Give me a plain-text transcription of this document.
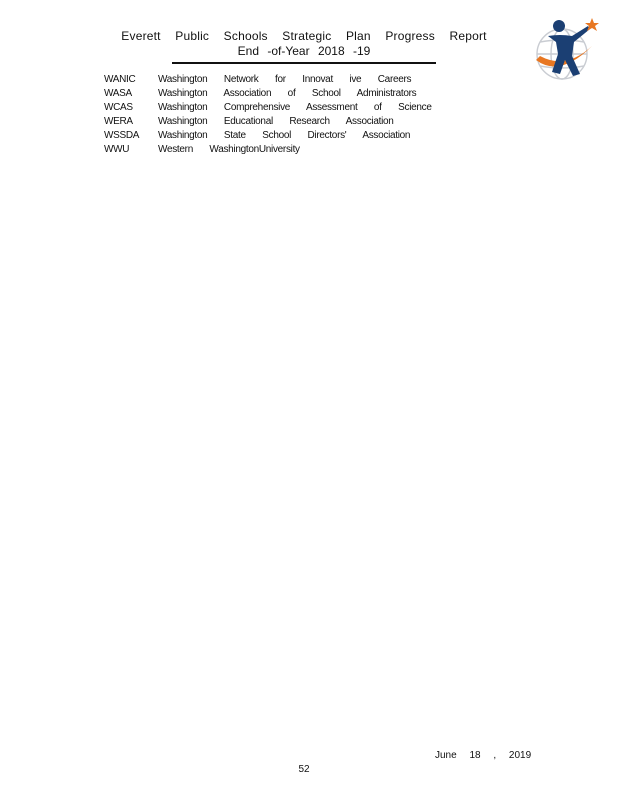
Everett Public Schools Strategic Plan Progress Report
End -of-Year 2018 -19
WANIC	Washington Network for Innovat ive Careers
WASA	Washington Association of School Administrators
WCAS	Washington Comprehensive Assessment of Science
WERA	Washington Educational Research Association
WSSDA	Washington State School Directors' Association
WWU	Western WashingtonUniversity
June 18 , 2019
52
